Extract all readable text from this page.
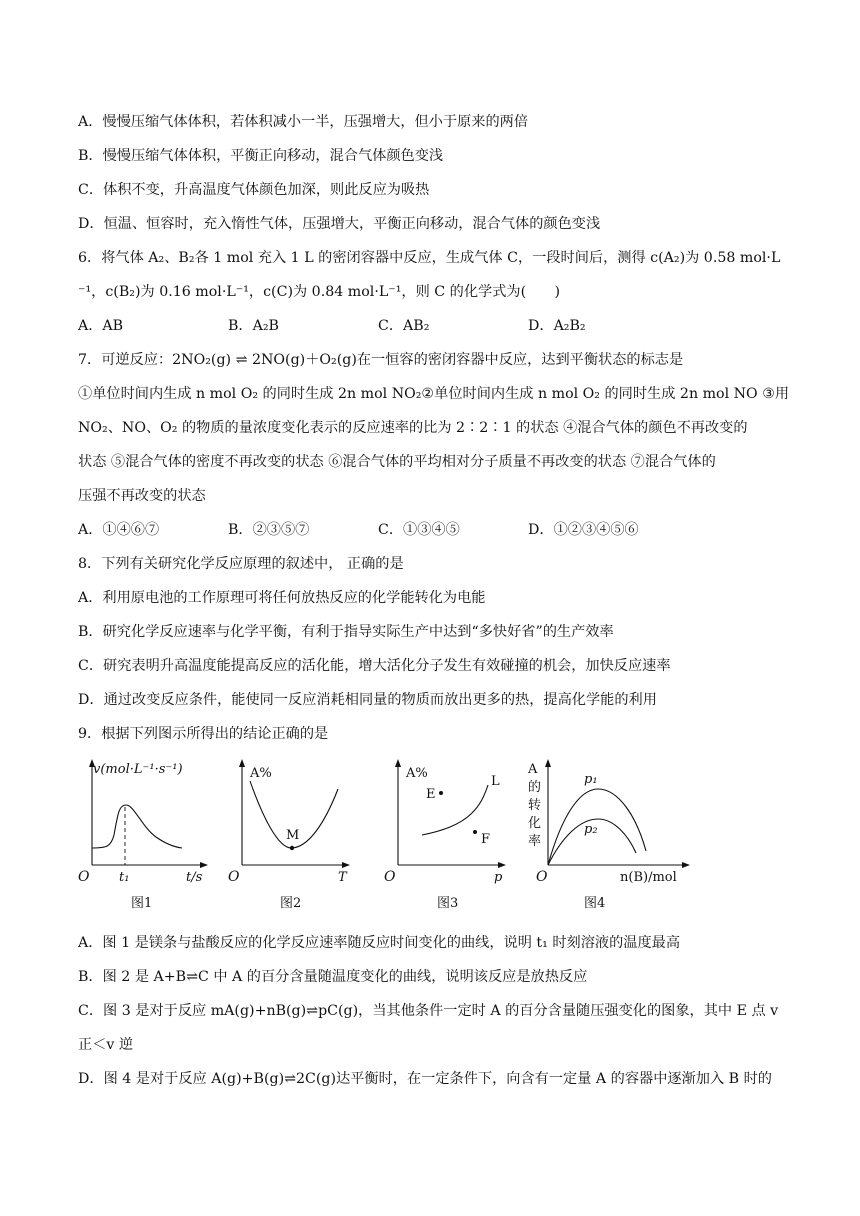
A．慢慢压缩气体体积，若体积减小一半，压强增大，但小于原来的两倍
B．慢慢压缩气体体积，平衡正向移动，混合气体颜色变浅
C．体积不变，升高温度气体颜色加深，则此反应为吸热
D．恒温、恒容时，充入惰性气体，压强增大，平衡正向移动，混合气体的颜色变浅
6．将气体 A₂、B₂各 1 mol 充入 1 L 的密闭容器中反应，生成气体 C，一段时间后，测得 c(A₂)为 0.58 mol·L
⁻¹，c(B₂)为 0.16 mol·L⁻¹，c(C)为 0.84 mol·L⁻¹，则 C 的化学式为(　　)
A．AB	B．A₂B	C．AB₂	D．A₂B₂
7．可逆反应：2NO₂(g) ⇌ 2NO(g)＋O₂(g)在一恒容的密闭容器中反应，达到平衡状态的标志是
①单位时间内生成 n mol O₂ 的同时生成 2n mol NO₂②单位时间内生成 n mol O₂ 的同时生成 2n mol NO ③用
NO₂、NO、O₂ 的物质的量浓度变化表示的反应速率的比为 2∶2∶1 的状态 ④混合气体的颜色不再改变的
状态 ⑤混合气体的密度不再改变的状态 ⑥混合气体的平均相对分子质量不再改变的状态 ⑦混合气体的
压强不再改变的状态
A．①④⑥⑦	B．②③⑤⑦	C．①③④⑤	D．①②③④⑤⑥
8．下列有关研究化学反应原理的叙述中， 正确的是
A．利用原电池的工作原理可将任何放热反应的化学能转化为电能
B．研究化学反应速率与化学平衡，有利于指导实际生产中达到“多快好省”的生产效率
C．研究表明升高温度能提高反应的活化能，增大活化分子发生有效碰撞的机会，加快反应速率
D．通过改变反应条件，能使同一反应消耗相同量的物质而放出更多的热，提高化学能的利用
9．根据下列图示所得出的结论正确的是
v(mol·L⁻¹·s⁻¹)
O t₁	t/s
图1
A%
M
O	T
图2
A%
E
F
L
O	p
图3
A
的
转
化
率
p₁
p₂
O	n(B)/mol
图4
A．图 1 是镁条与盐酸反应的化学反应速率随反应时间变化的曲线，说明 t₁ 时刻溶液的温度最高
B．图 2 是 A+B⇌C 中 A 的百分含量随温度变化的曲线，说明该反应是放热反应
C．图 3 是对于反应 mA(g)+nB(g)⇌pC(g)，当其他条件一定时 A 的百分含量随压强变化的图象，其中 E 点 v
正＜v 逆
D．图 4 是对于反应 A(g)+B(g)⇌2C(g)达平衡时，在一定条件下，向含有一定量 A 的容器中逐渐加入 B 时的
